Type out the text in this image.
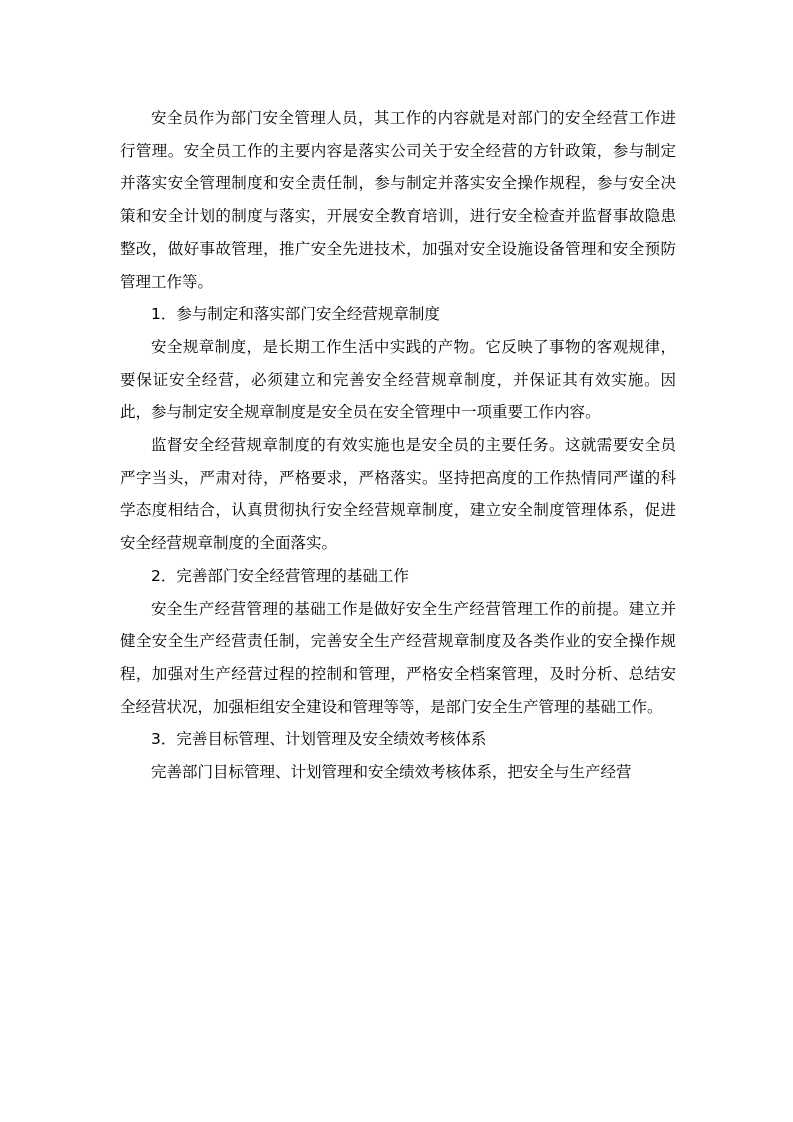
安全员作为部门安全管理人员，其工作的内容就是对部门的安全经营工作进行管理。安全员工作的主要内容是落实公司关于安全经营的方针政策，参与制定并落实安全管理制度和安全责任制，参与制定并落实安全操作规程，参与安全决策和安全计划的制度与落实，开展安全教育培训，进行安全检查并监督事故隐患整改，做好事故管理，推广安全先进技术，加强对安全设施设备管理和安全预防管理工作等。

1．参与制定和落实部门安全经营规章制度

安全规章制度，是长期工作生活中实践的产物。它反映了事物的客观规律，要保证安全经营，必须建立和完善安全经营规章制度，并保证其有效实施。因此，参与制定安全规章制度是安全员在安全管理中一项重要工作内容。

监督安全经营规章制度的有效实施也是安全员的主要任务。这就需要安全员严字当头，严肃对待，严格要求，严格落实。坚持把高度的工作热情同严谨的科学态度相结合，认真贯彻执行安全经营规章制度，建立安全制度管理体系，促进安全经营规章制度的全面落实。

2．完善部门安全经营管理的基础工作

安全生产经营管理的基础工作是做好安全生产经营管理工作的前提。建立并健全安全生产经营责任制，完善安全生产经营规章制度及各类作业的安全操作规程，加强对生产经营过程的控制和管理，严格安全档案管理，及时分析、总结安全经营状况，加强柜组安全建设和管理等等，是部门安全生产管理的基础工作。

3．完善目标管理、计划管理及安全绩效考核体系

完善部门目标管理、计划管理和安全绩效考核体系，把安全与生产经营
